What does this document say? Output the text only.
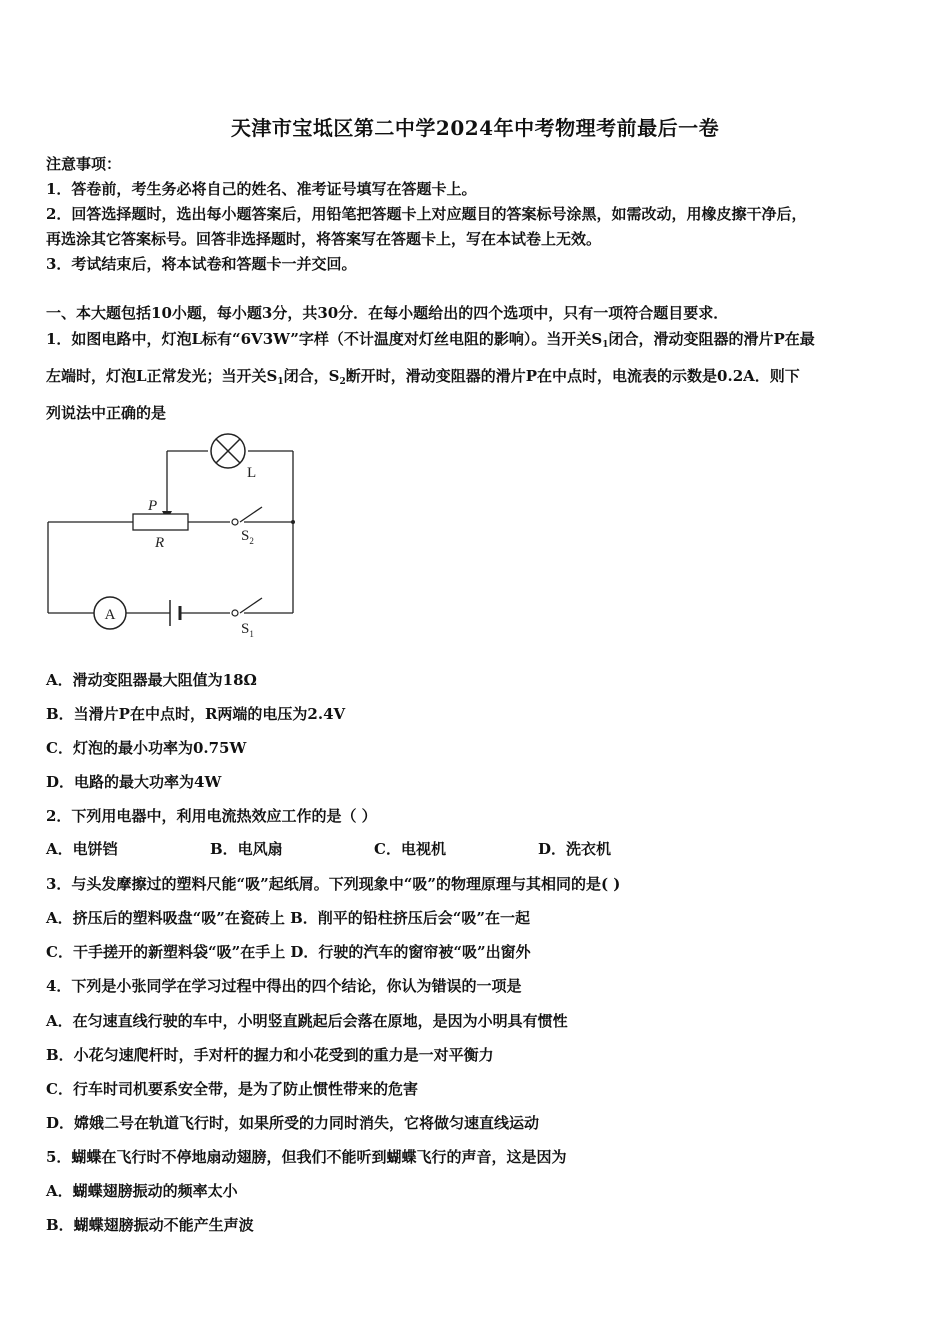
天津市宝坻区第二中学2024年中考物理考前最后一卷
注意事项：
1．答卷前，考生务必将自己的姓名、准考证号填写在答题卡上。
2．回答选择题时，选出每小题答案后，用铅笔把答题卡上对应题目的答案标号涂黑，如需改动，用橡皮擦干净后，
再选涂其它答案标号。回答非选择题时，将答案写在答题卡上，写在本试卷上无效。
3．考试结束后，将本试卷和答题卡一并交回。
一、本大题包括10小题，每小题3分，共30分．在每小题给出的四个选项中，只有一项符合题目要求．
1．如图电路中，灯泡L标有“6V3W”字样（不计温度对灯丝电阻的影响）。当开关$S_1$闭合，滑动变阻器的滑片P在最
左端时，灯泡L正常发光；当开关$S_1$闭合，$S_2$断开时，滑动变阻器的滑片P在中点时，电流表的示数是0.2A．则下
列说法中正确的是
A
L
P
R	$S_2$
$S_1$
A．滑动变阻器最大阻值为18Ω
B．当滑片P在中点时，R两端的电压为2.4V
C．灯泡的最小功率为0.75W
D．电路的最大功率为4W
2．下列用电器中，利用电流热效应工作的是（ ）
A．电饼铛	B．电风扇	C．电视机	D．洗衣机
3．与头发摩擦过的塑料尺能“吸”起纸屑。下列现象中“吸”的物理原理与其相同的是( )
A．挤压后的塑料吸盘“吸”在瓷砖上 B．削平的铅柱挤压后会“吸”在一起
C．干手搓开的新塑料袋“吸”在手上 D．行驶的汽车的窗帘被“吸”出窗外
4．下列是小张同学在学习过程中得出的四个结论，你认为错误的一项是
A．在匀速直线行驶的车中，小明竖直跳起后会落在原地，是因为小明具有惯性
B．小花匀速爬杆时，手对杆的握力和小花受到的重力是一对平衡力
C．行车时司机要系安全带，是为了防止惯性带来的危害
D．嫦娥二号在轨道飞行时，如果所受的力同时消失，它将做匀速直线运动
5．蝴蝶在飞行时不停地扇动翅膀，但我们不能听到蝴蝶飞行的声音，这是因为
A．蝴蝶翅膀振动的频率太小
B．蝴蝶翅膀振动不能产生声波
